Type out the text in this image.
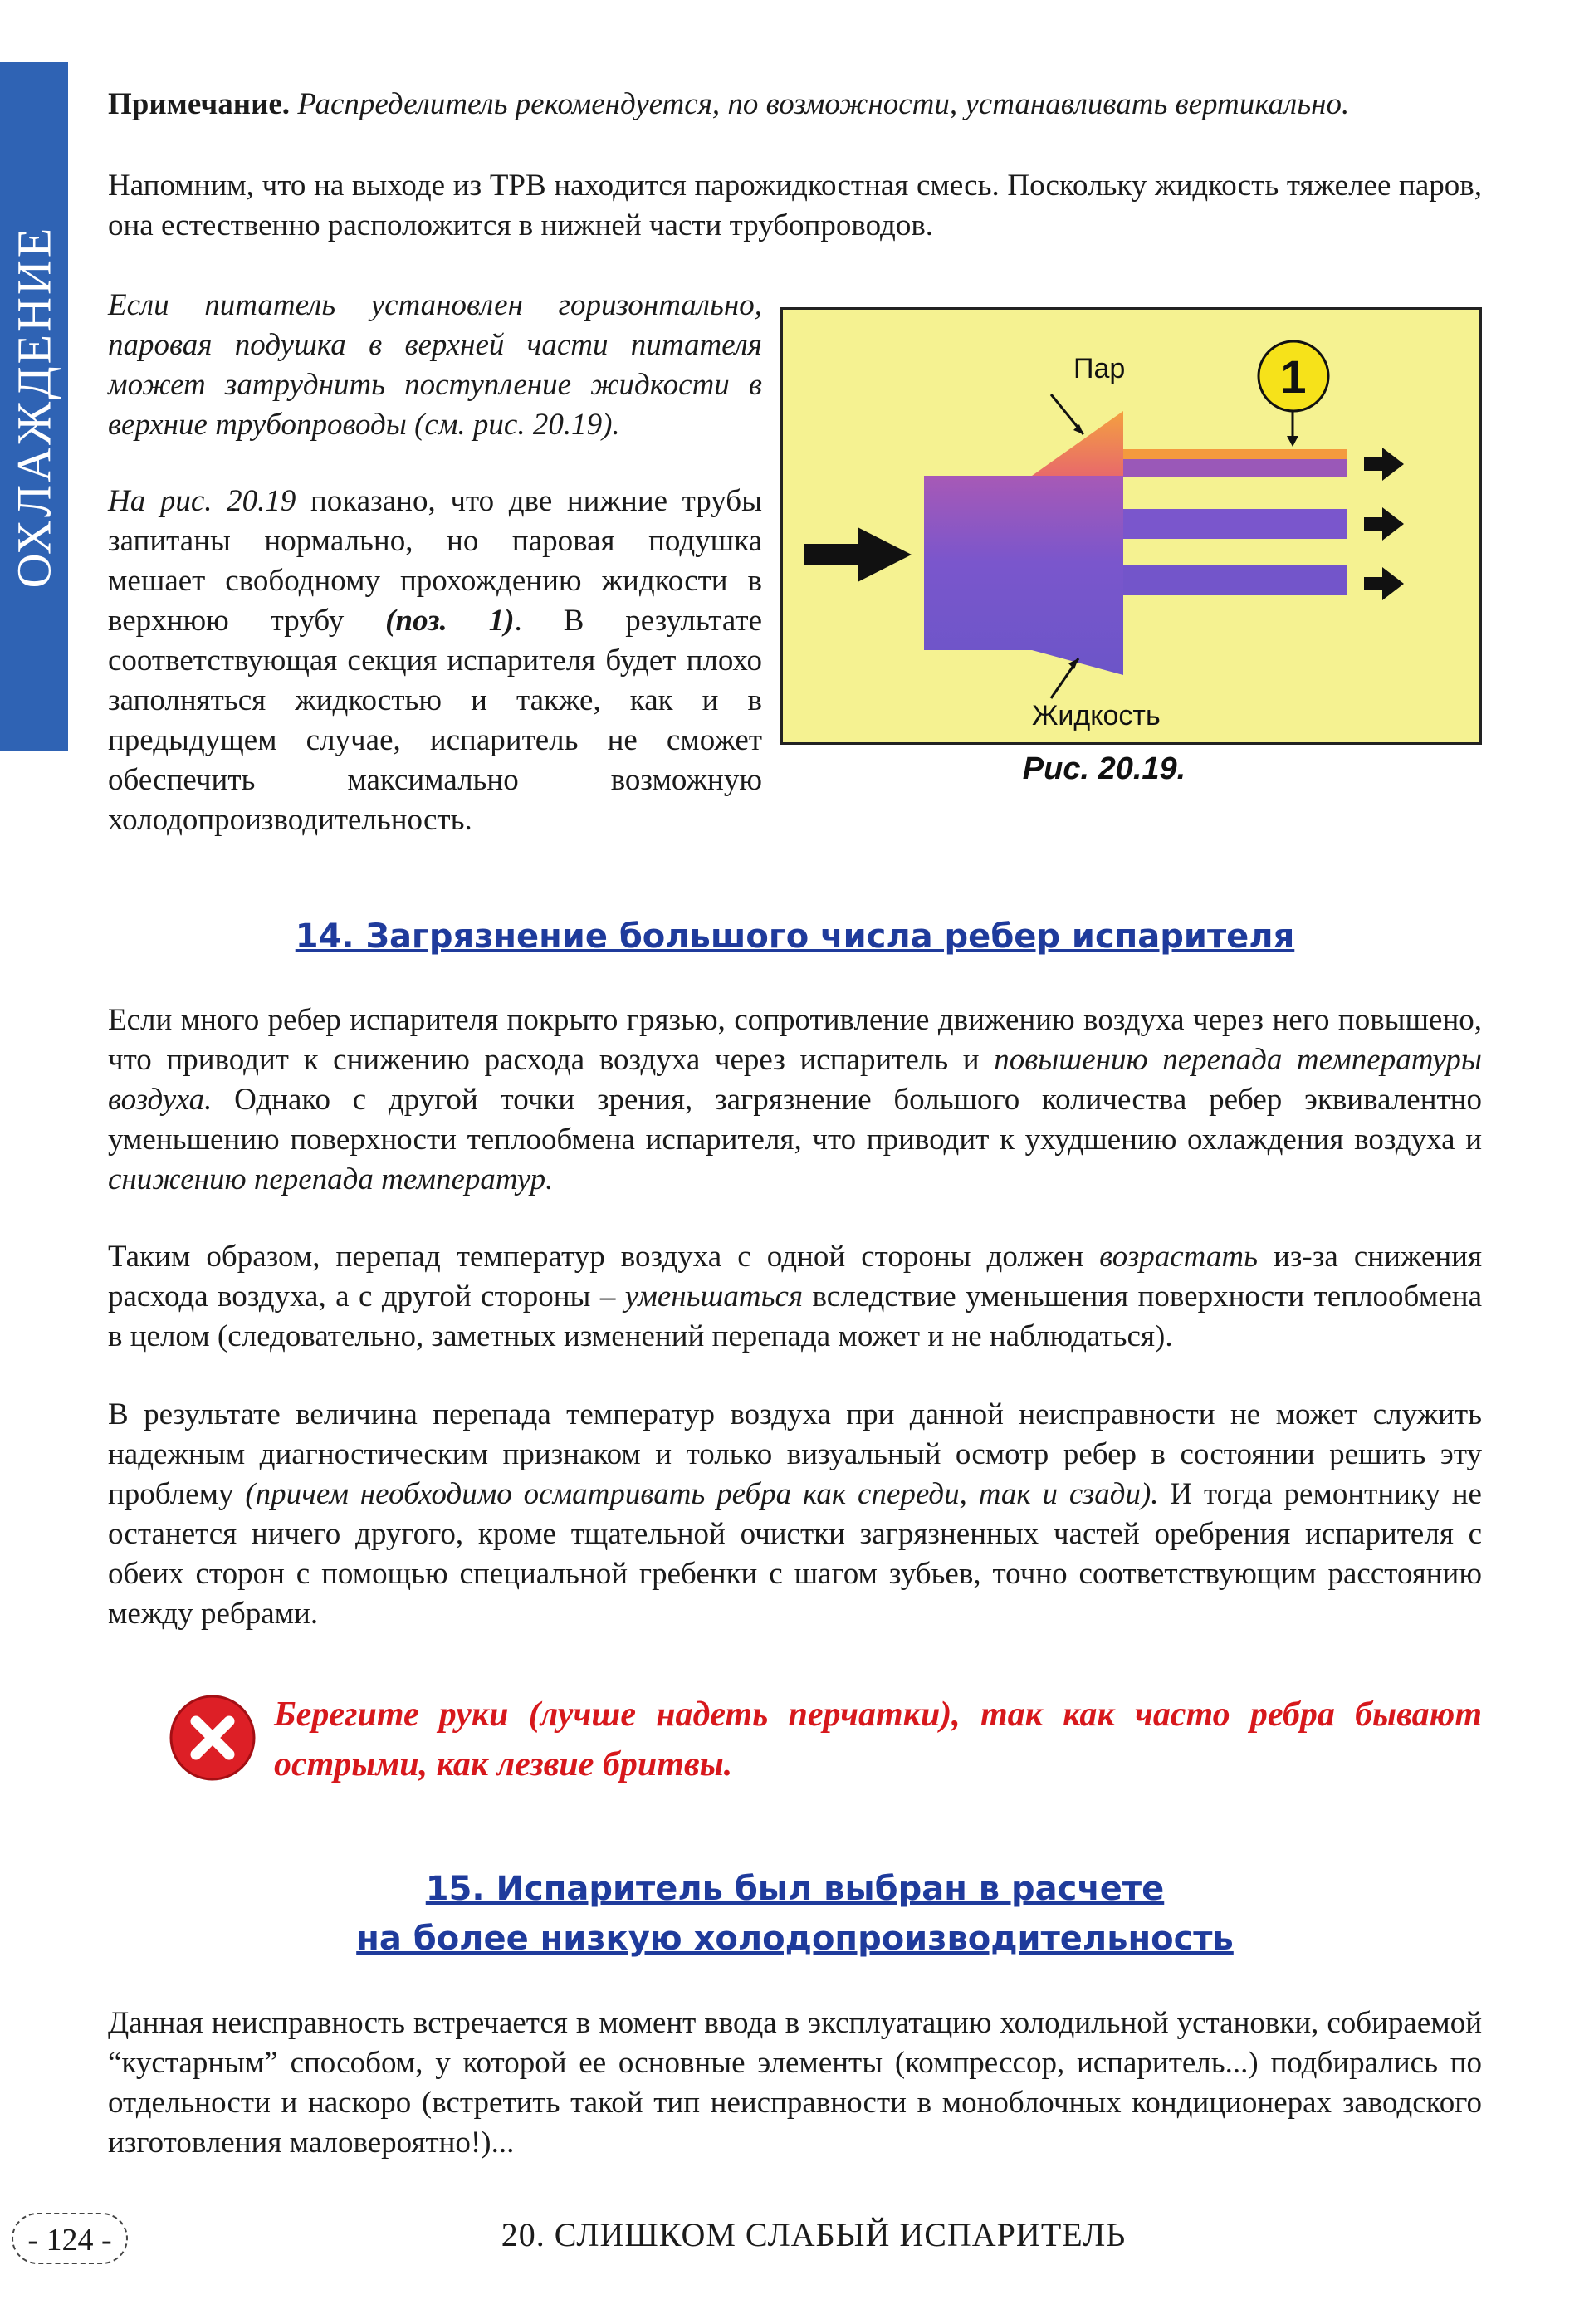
ОХЛАЖДЕНИЕ
Примечание. Распределитель рекомендуется, по возможности, устанавливать вертикально.
Напомним, что на выходе из ТРВ находится парожидкостная смесь. Поскольку жидкость тяжелее паров, она естественно расположится в нижней части трубопроводов.
Если питатель установлен горизонтально, паровая подушка в верхней части питателя может затруднить поступление жидкости в верхние трубопроводы (см. рис. 20.19).
На рис. 20.19 показано, что две нижние трубы запитаны нормально, но паровая подушка мешает свободному прохождению жидкости в верхнюю трубу (поз. 1). В результате соответствующая секция испарителя будет плохо заполняться жидкостью и также, как и в предыдущем случае, испаритель не сможет обеспечить максимально возможную холодопроизводительность.
1
Пар
Жидкость
Рис. 20.19.
14. Загрязнение большого числа ребер испарителя
Если много ребер испарителя покрыто грязью, сопротивление движению воздуха через него повышено, что приводит к снижению расхода воздуха через испаритель и повышению перепада температуры воздуха. Однако с другой точки зрения, загрязнение большого количества ребер эквивалентно уменьшению поверхности теплообмена испарителя, что приводит к ухудшению охлаждения воздуха и снижению перепада температур.
Таким образом, перепад температур воздуха с одной стороны должен возрастать из-за снижения расхода воздуха, а с другой стороны – уменьшаться вследствие уменьшения поверхности теплообмена в целом (следовательно, заметных изменений перепада может и не наблюдаться).
В результате величина перепада температур воздуха при данной неисправности не может служить надежным диагностическим признаком и только визуальный осмотр ребер в состоянии решить эту проблему (причем необходимо осматривать ребра как спереди, так и сзади). И тогда ремонтнику не останется ничего другого, кроме тщательной очистки загрязненных частей оребрения испарителя с обеих сторон с помощью специальной гребенки с шагом зубьев, точно соответствующим расстоянию между ребрами.
Берегите руки (лучше надеть перчатки), так как часто ребра бывают острыми, как лезвие бритвы.
15. Испаритель был выбран в расчете
на более низкую холодопроизводительность
Данная неисправность встречается в момент ввода в эксплуатацию холодильной установки, собираемой “кустарным” способом, у которой ее основные элементы (компрессор, испаритель...) подбирались по отдельности и наскоро (встретить такой тип неисправности в моноблочных кондиционерах заводского изготовления маловероятно!)...
- 124 -	20. СЛИШКОМ СЛАБЫЙ ИСПАРИТЕЛЬ
